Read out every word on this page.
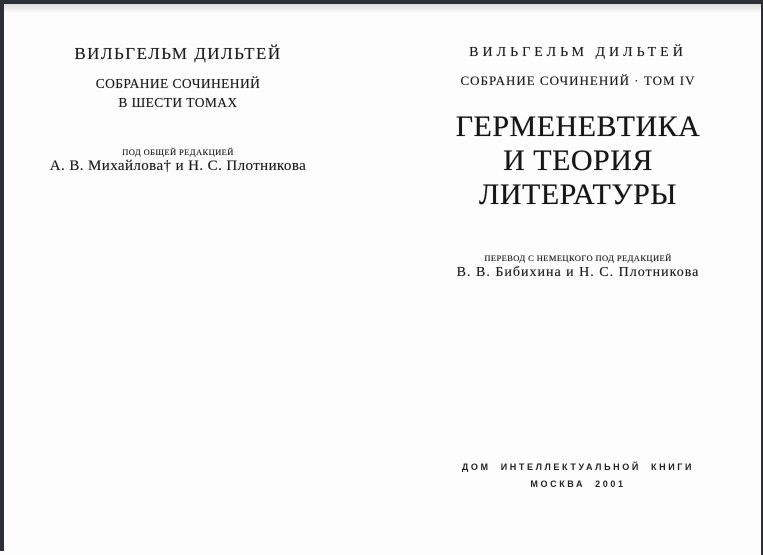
ВИЛЬГЕЛЬМ ДИЛЬТЕЙ
СОБРАНИЕ СОЧИНЕНИЙ
В ШЕСТИ ТОМАХ
ПОД ОБЩЕЙ РЕДАКЦИЕЙ
А. В. Михайлова† и Н. С. Плотникова
ВИЛЬГЕЛЬМ ДИЛЬТЕЙ
СОБРАНИЕ СОЧИНЕНИЙ · ТОМ IV
ГЕРМЕНЕВТИКА
И ТЕОРИЯ
ЛИТЕРАТУРЫ
ПЕРЕВОД С НЕМЕЦКОГО ПОД РЕДАКЦИЕЙ
В. В. Бибихина и Н. С. Плотникова
ДОМ ИНТЕЛЛЕКТУАЛЬНОЙ КНИГИ
МОСКВА 2001
